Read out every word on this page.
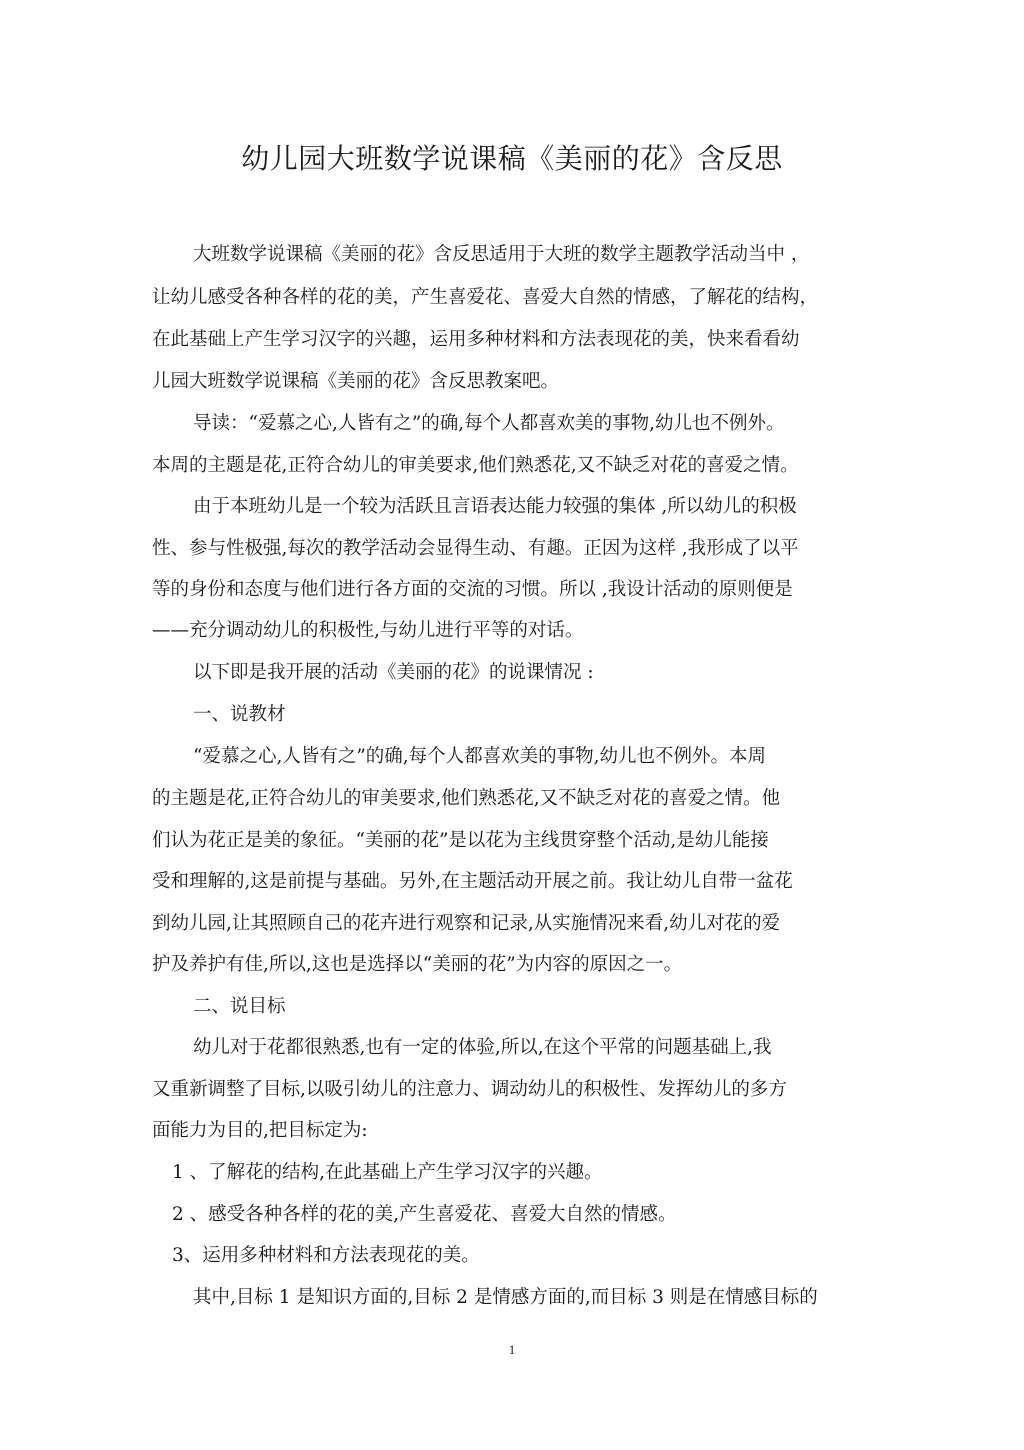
幼儿园大班数学说课稿《美丽的花》含反思
大班数学说课稿《美丽的花》含反思适用于大班的数学主题教学活动当中 ，
让幼儿感受各种各样的花的美，产生喜爱花、喜爱大自然的情感，了解花的结构，
在此基础上产生学习汉字的兴趣，运用多种材料和方法表现花的美，快来看看幼
儿园大班数学说课稿《美丽的花》含反思教案吧。
导读：“爱慕之心,人皆有之”的确,每个人都喜欢美的事物,幼儿也不例外。
本周的主题是花,正符合幼儿的审美要求,他们熟悉花,又不缺乏对花的喜爱之情。
由于本班幼儿是一个较为活跃且言语表达能力较强的集体 ,所以幼儿的积极
性、参与性极强,每次的教学活动会显得生动、有趣。正因为这样 ,我形成了以平
等的身份和态度与他们进行各方面的交流的习惯。所以 ,我设计活动的原则便是
——充分调动幼儿的积极性,与幼儿进行平等的对话。
以下即是我开展的活动《美丽的花》的说课情况 :
一、说教材
“爱慕之心,人皆有之”的确,每个人都喜欢美的事物,幼儿也不例外。本周
的主题是花,正符合幼儿的审美要求,他们熟悉花,又不缺乏对花的喜爱之情。他
们认为花正是美的象征。“美丽的花”是以花为主线贯穿整个活动,是幼儿能接
受和理解的,这是前提与基础。另外,在主题活动开展之前。我让幼儿自带一盆花
到幼儿园,让其照顾自己的花卉进行观察和记录,从实施情况来看,幼儿对花的爱
护及养护有佳,所以,这也是选择以“美丽的花”为内容的原因之一。
二、说目标
幼儿对于花都很熟悉,也有一定的体验,所以,在这个平常的问题基础上,我
又重新调整了目标,以吸引幼儿的注意力、调动幼儿的积极性、发挥幼儿的多方
面能力为目的,把目标定为:
1 、了解花的结构,在此基础上产生学习汉字的兴趣。
2 、感受各种各样的花的美,产生喜爱花、喜爱大自然的情感。
3、运用多种材料和方法表现花的美。
其中,目标 1 是知识方面的,目标 2 是情感方面的,而目标 3 则是在情感目标的
1
